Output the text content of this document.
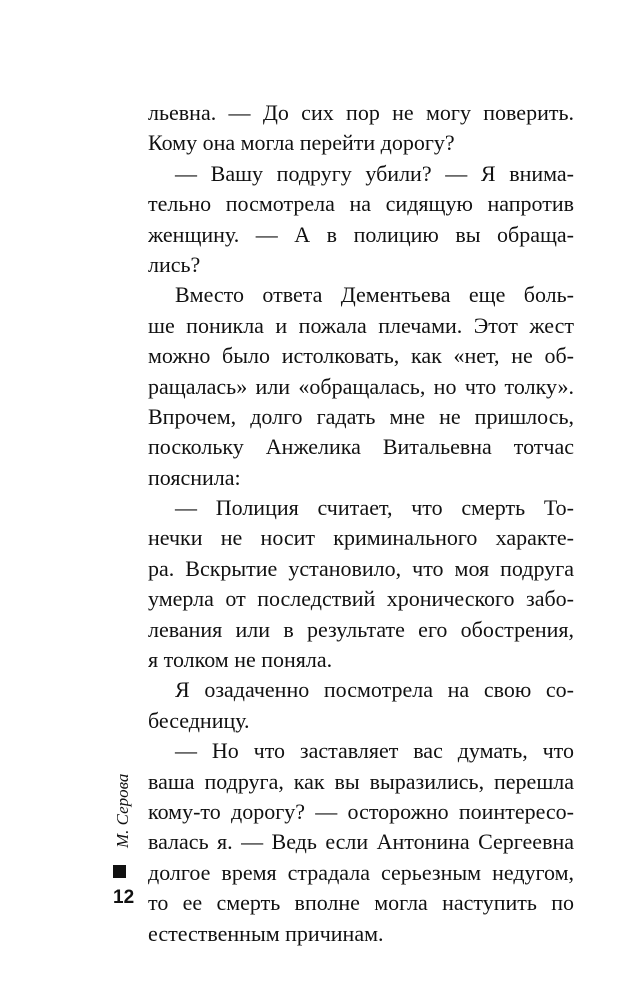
льевна. — До сих пор не могу поверить.
Кому она могла перейти дорогу?
— Вашу подругу убили? — Я внима-
тельно посмотрела на сидящую напротив
женщину. — А в полицию вы обраща-
лись?
Вместо ответа Дементьева еще боль-
ше поникла и пожала плечами. Этот жест
можно было истолковать, как «нет, не об-
ращалась» или «обращалась, но что толку».
Впрочем, долго гадать мне не пришлось,
поскольку Анжелика Витальевна тотчас
пояснила:
— Полиция считает, что смерть То-
нечки не носит криминального характе-
ра. Вскрытие установило, что моя подруга
умерла от последствий хронического забо-
левания или в результате его обострения,
я толком не поняла.
Я озадаченно посмотрела на свою со-
беседницу.
— Но что заставляет вас думать, что
ваша подруга, как вы выразились, перешла
кому-то дорогу? — осторожно поинтересо-
валась я. — Ведь если Антонина Сергеевна
долгое время страдала серьезным недугом,
то ее смерть вполне могла наступить по
естественным причинам.
М. Серова
12
